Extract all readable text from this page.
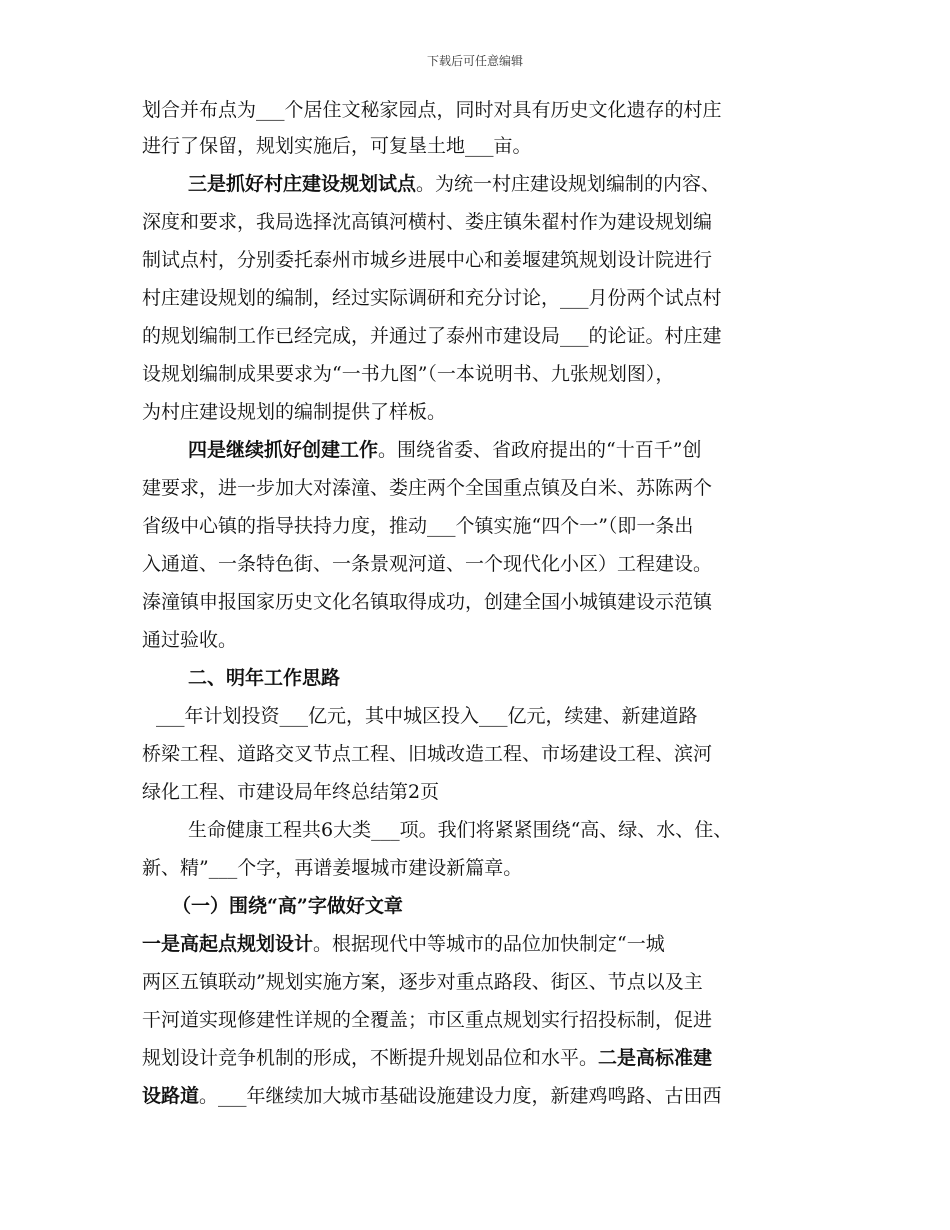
下载后可任意编辑
划合并布点为___个居住文秘家园点，同时对具有历史文化遗存的村庄
进行了保留，规划实施后，可复垦土地___亩。
三是抓好村庄建设规划试点。为统一村庄建设规划编制的内容、
深度和要求，我局选择沈高镇河横村、娄庄镇朱翟村作为建设规划编
制试点村，分别委托泰州市城乡进展中心和姜堰建筑规划设计院进行
村庄建设规划的编制，经过实际调研和充分讨论，___月份两个试点村
的规划编制工作已经完成，并通过了泰州市建设局___的论证。村庄建
设规划编制成果要求为“一书九图”（一本说明书、九张规划图），
为村庄建设规划的编制提供了样板。
四是继续抓好创建工作。围绕省委、省政府提出的“十百千”创
建要求，进一步加大对溱潼、娄庄两个全国重点镇及白米、苏陈两个
省级中心镇的指导扶持力度，推动___个镇实施“四个一”（即一条出
入通道、一条特色街、一条景观河道、一个现代化小区）工程建设。
溱潼镇申报国家历史文化名镇取得成功，创建全国小城镇建设示范镇
通过验收。
二、明年工作思路
___年计划投资___亿元，其中城区投入___亿元，续建、新建道路
桥梁工程、道路交叉节点工程、旧城改造工程、市场建设工程、滨河
绿化工程、市建设局年终总结第2页
生命健康工程共6大类___项。我们将紧紧围绕“高、绿、水、住、
新、精”___个字，再谱姜堰城市建设新篇章。
（一）围绕“高”字做好文章
一是高起点规划设计。根据现代中等城市的品位加快制定“一城
两区五镇联动”规划实施方案，逐步对重点路段、街区、节点以及主
干河道实现修建性详规的全覆盖；市区重点规划实行招投标制，促进
规划设计竞争机制的形成，不断提升规划品位和水平。二是高标准建
设路道。___年继续加大城市基础设施建设力度，新建鸡鸣路、古田西
